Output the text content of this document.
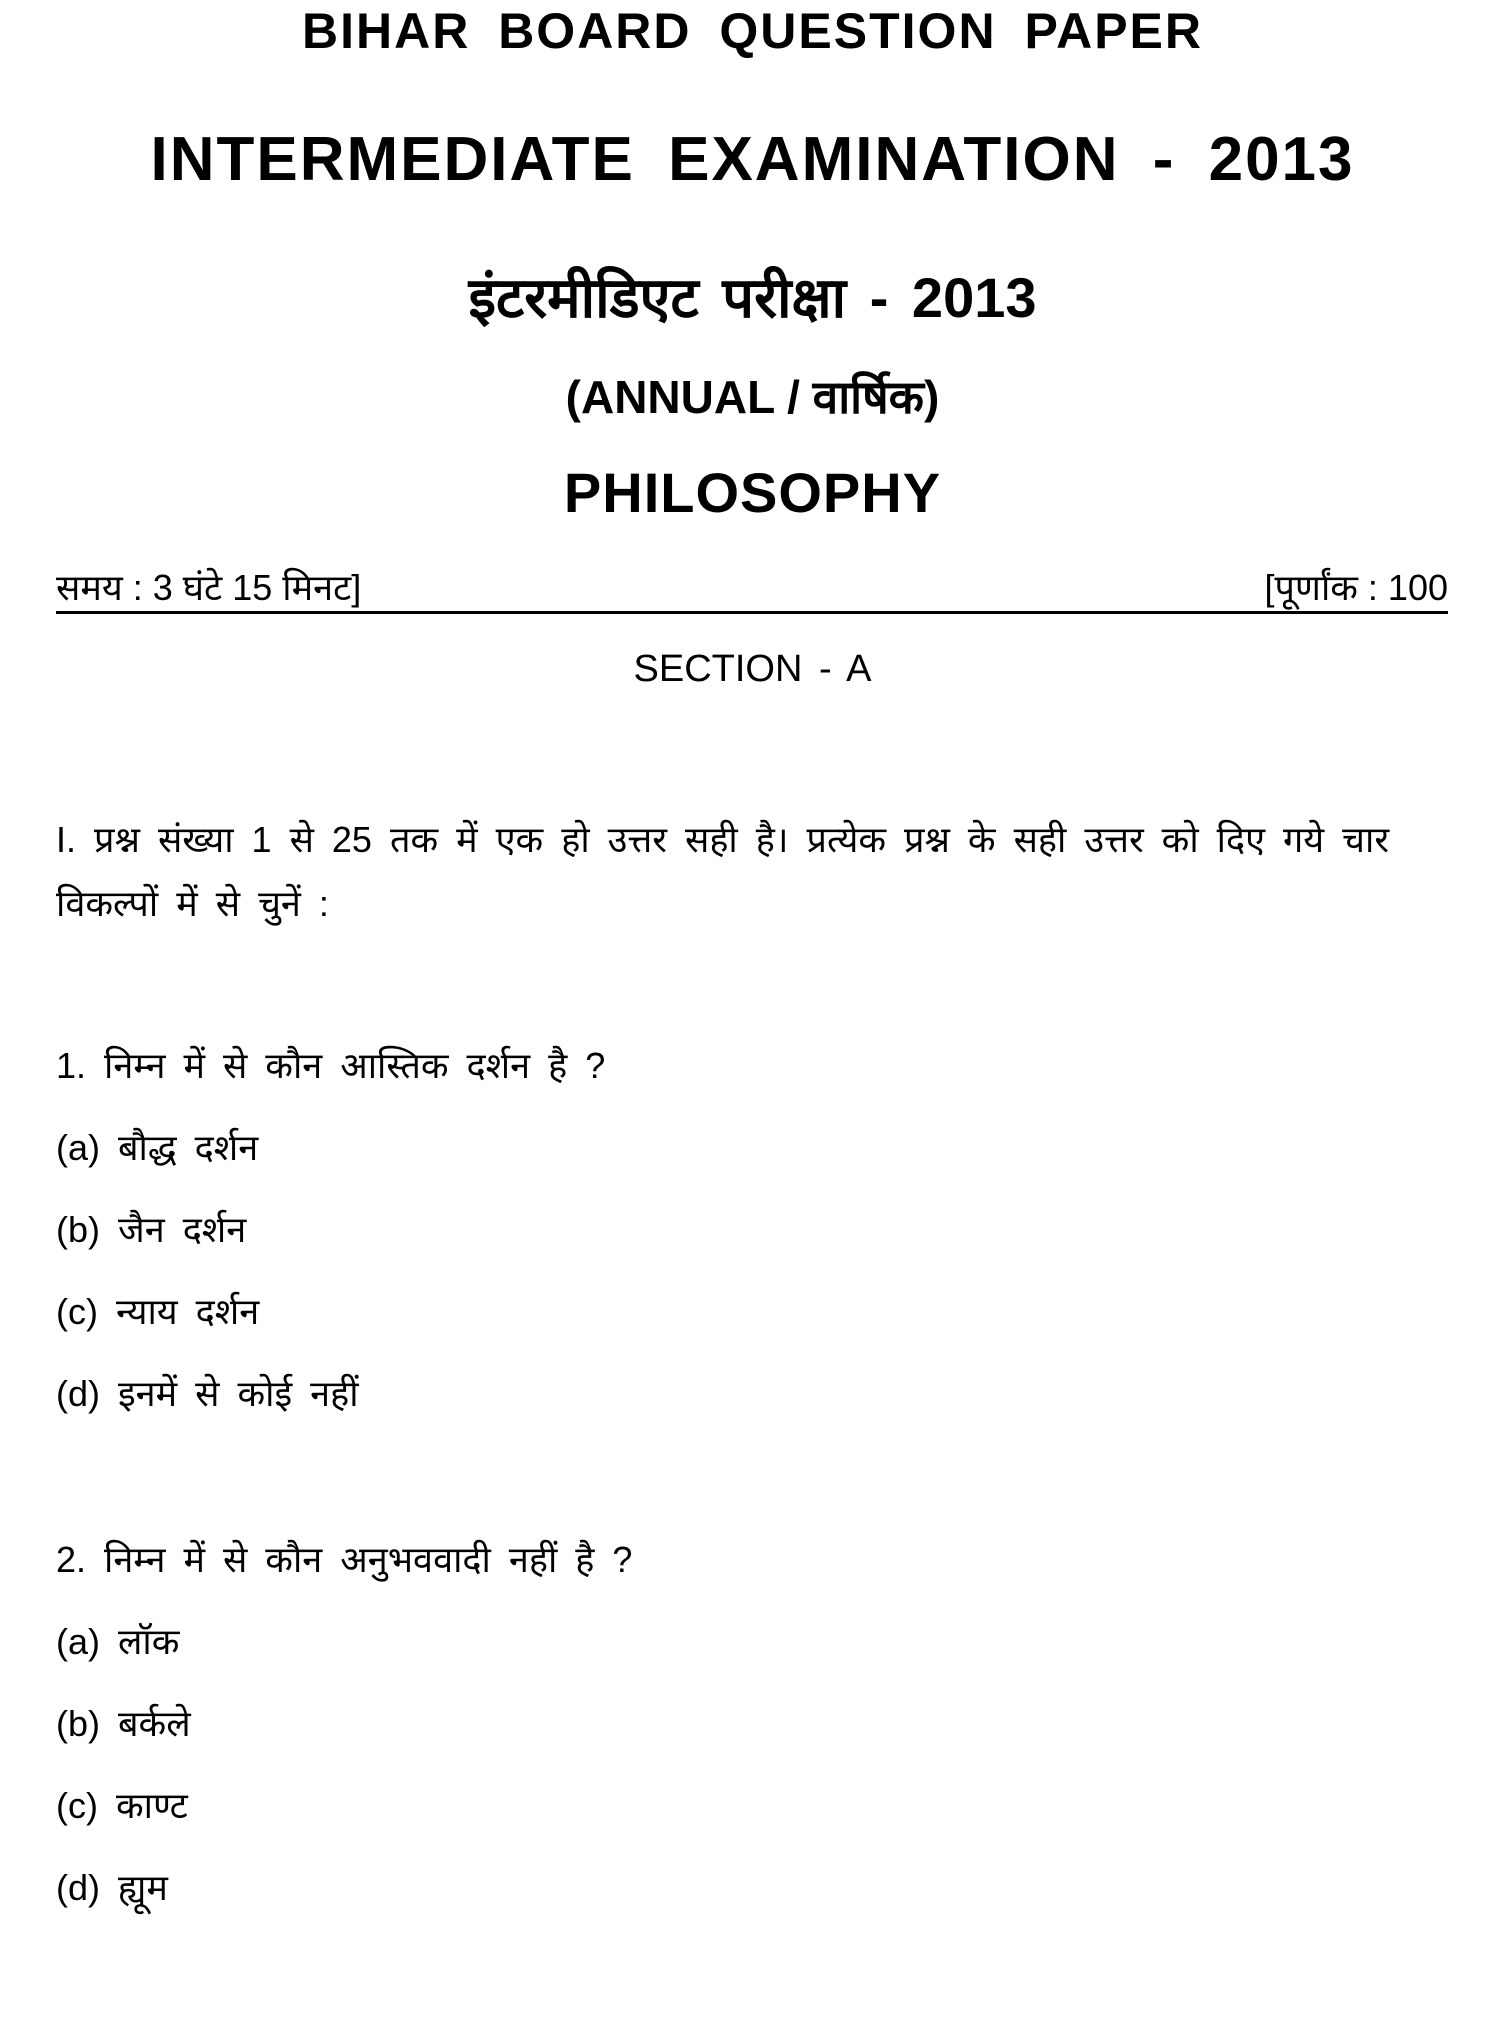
BIHAR BOARD QUESTION PAPER
INTERMEDIATE EXAMINATION - 2013
इंटरमीडिएट परीक्षा - 2013
(ANNUAL / वार्षिक)
PHILOSOPHY
समय : 3 घंटे 15 मिनट]	[पूर्णांक : 100
SECTION - A
I. प्रश्न संख्या 1 से 25 तक में एक हो उत्तर सही है। प्रत्येक प्रश्न के सही उत्तर को दिए गये चार विकल्पों में से चुनें :
1. निम्न में से कौन आस्तिक दर्शन है ?
(a) बौद्ध दर्शन
(b) जैन दर्शन
(c) न्याय दर्शन
(d) इनमें से कोई नहीं
2. निम्न में से कौन अनुभववादी नहीं है ?
(a) लॉक
(b) बर्कले
(c) काण्ट
(d) ह्यूम
